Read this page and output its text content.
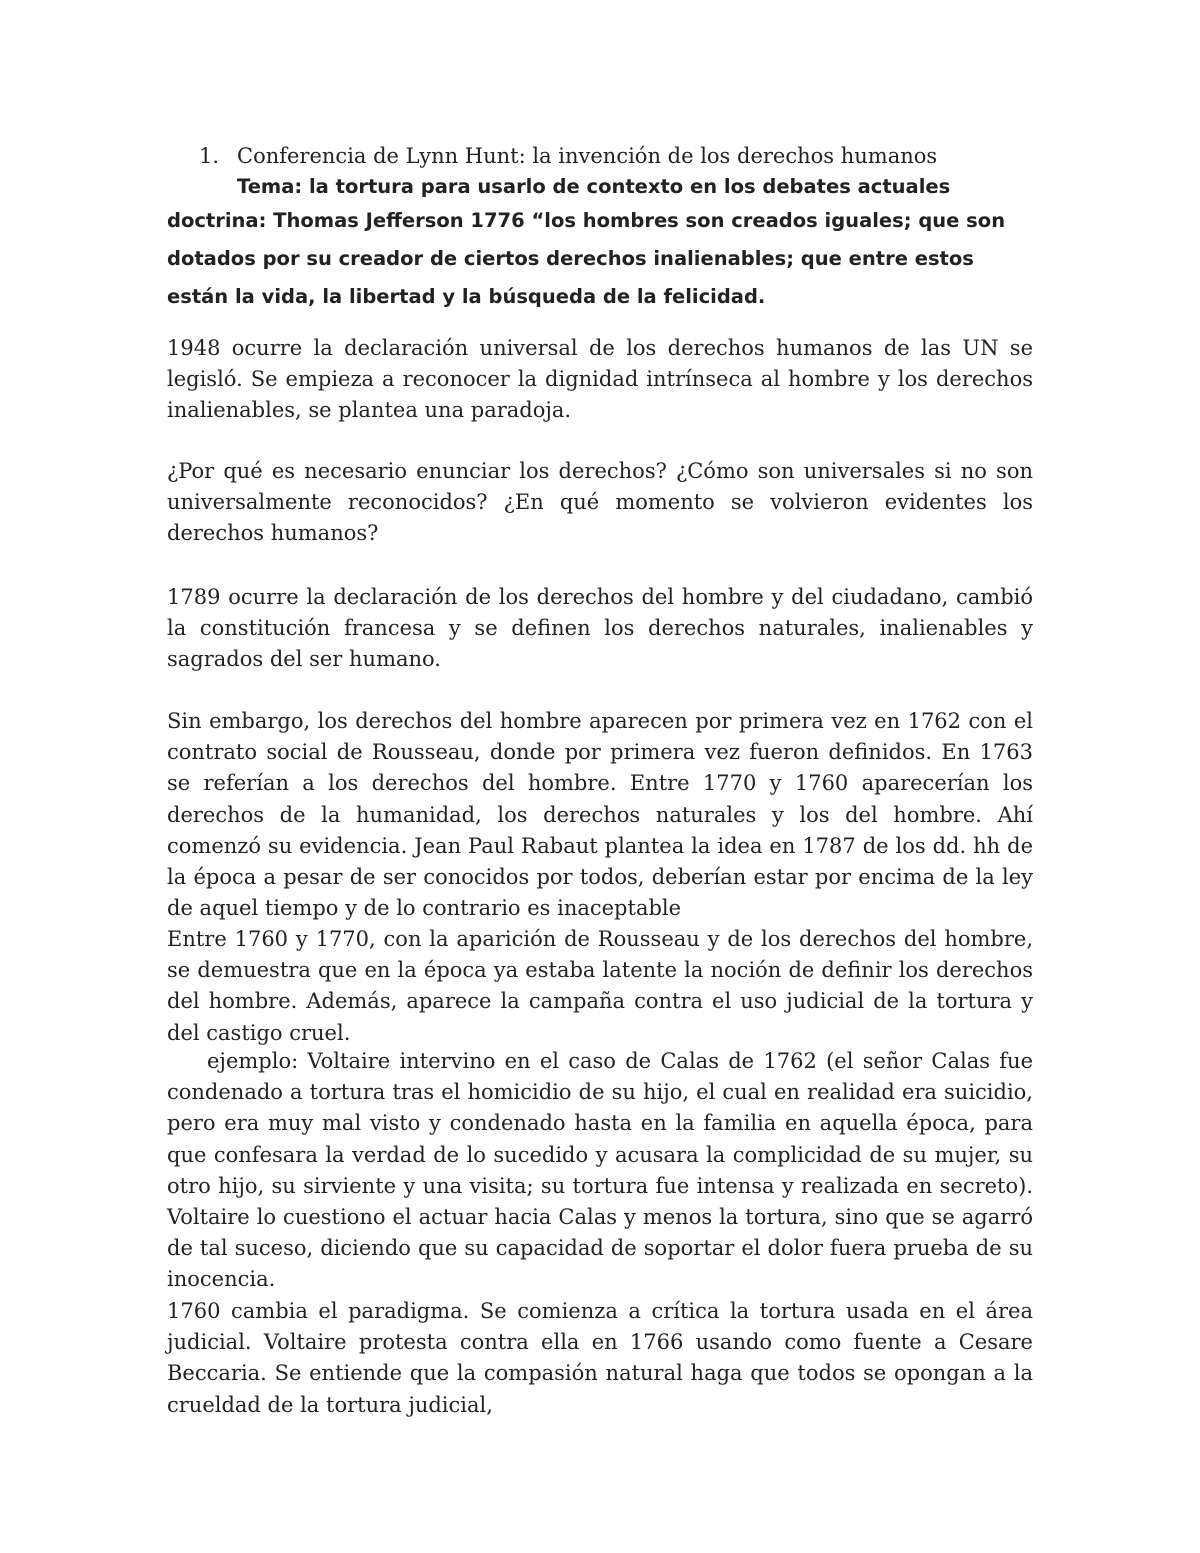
1. Conferencia de Lynn Hunt: la invención de los derechos humanos
Tema: la tortura para usarlo de contexto en los debates actuales
doctrina: Thomas Jefferson 1776 “los hombres son creados iguales; que son dotados por su creador de ciertos derechos inalienables; que entre estos están la vida, la libertad y la búsqueda de la felicidad.

1948 ocurre la declaración universal de los derechos humanos de las UN se legisló. Se empieza a reconocer la dignidad intrínseca al hombre y los derechos inalienables, se plantea una paradoja.

¿Por qué es necesario enunciar los derechos? ¿Cómo son universales si no son universalmente reconocidos? ¿En qué momento se volvieron evidentes los derechos humanos?

1789 ocurre la declaración de los derechos del hombre y del ciudadano, cambió la constitución francesa y se definen los derechos naturales, inalienables y sagrados del ser humano.

Sin embargo, los derechos del hombre aparecen por primera vez en 1762 con el contrato social de Rousseau, donde por primera vez fueron definidos. En 1763 se referían a los derechos del hombre. Entre 1770 y 1760 aparecerían los derechos de la humanidad, los derechos naturales y los del hombre. Ahí comenzó su evidencia. Jean Paul Rabaut plantea la idea en 1787 de los dd. hh de la época a pesar de ser conocidos por todos, deberían estar por encima de la ley de aquel tiempo y de lo contrario es inaceptable

Entre 1760 y 1770, con la aparición de Rousseau y de los derechos del hombre, se demuestra que en la época ya estaba latente la noción de definir los derechos del hombre. Además, aparece la campaña contra el uso judicial de la tortura y del castigo cruel.

ejemplo: Voltaire intervino en el caso de Calas de 1762 (el señor Calas fue condenado a tortura tras el homicidio de su hijo, el cual en realidad era suicidio, pero era muy mal visto y condenado hasta en la familia en aquella época, para que confesara la verdad de lo sucedido y acusara la complicidad de su mujer, su otro hijo, su sirviente y una visita; su tortura fue intensa y realizada en secreto). Voltaire lo cuestiono el actuar hacia Calas y menos la tortura, sino que se agarró de tal suceso, diciendo que su capacidad de soportar el dolor fuera prueba de su inocencia.

1760 cambia el paradigma. Se comienza a crítica la tortura usada en el área judicial. Voltaire protesta contra ella en 1766 usando como fuente a Cesare Beccaria. Se entiende que la compasión natural haga que todos se opongan a la crueldad de la tortura judicial,
